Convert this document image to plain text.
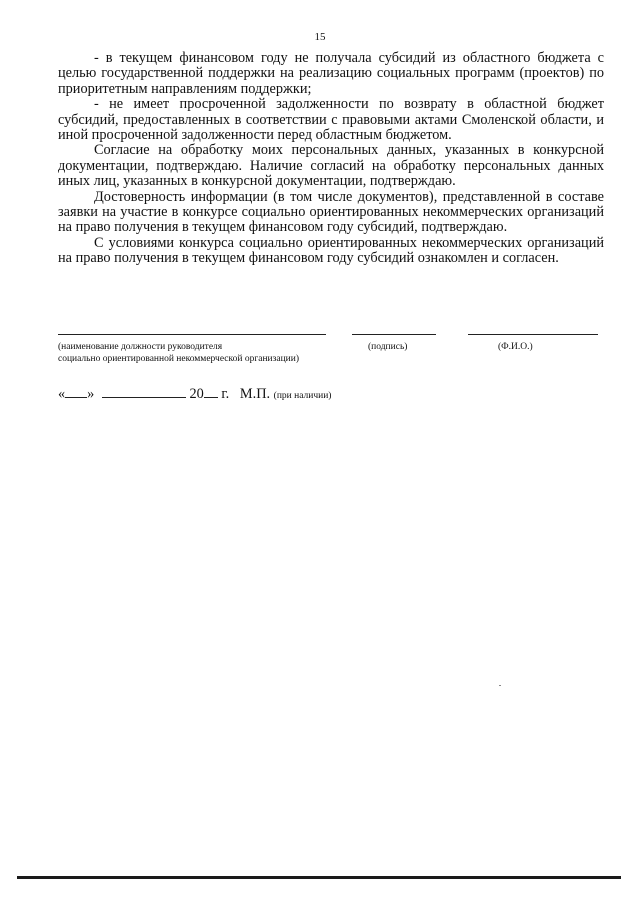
15

- в текущем финансовом году не получала субсидий из областного бюджета с целью государственной поддержки на реализацию социальных программ (проектов) по приоритетным направлениям поддержки;

- не имеет просроченной задолженности по возврату в областной бюджет субсидий, предоставленных в соответствии с правовыми актами Смоленской области, и иной просроченной задолженности перед областным бюджетом.

Согласие на обработку моих персональных данных, указанных в конкурсной документации, подтверждаю. Наличие согласий на обработку персональных данных иных лиц, указанных в конкурсной документации, подтверждаю.

Достоверность информации (в том числе документов), представленной в составе заявки на участие в конкурсе социально ориентированных некоммерческих организаций на право получения в текущем финансовом году субсидий, подтверждаю.

С условиями конкурса социально ориентированных некоммерческих организаций на право получения в текущем финансовом году субсидий ознакомлен и согласен.

(наименование должности руководителя
социально ориентированной некоммерческой организации)
(подпись)	(Ф.И.О.)
« »	20 г. М.П. (при наличии)
